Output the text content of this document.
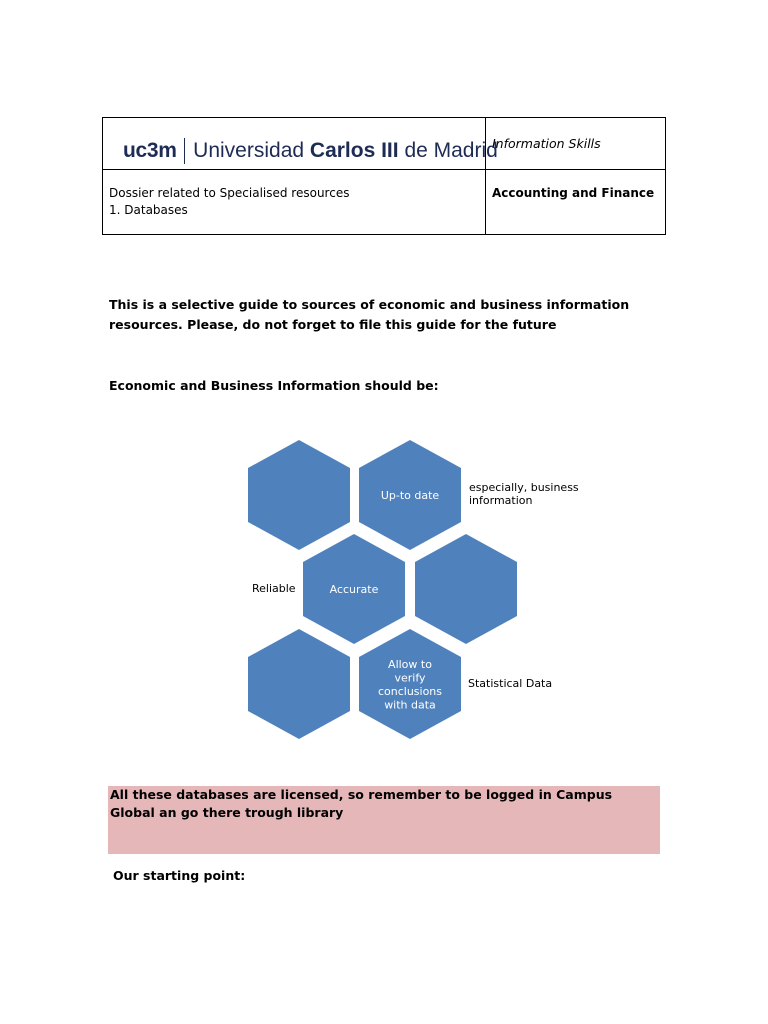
uc3m Universidad Carlos III de Madrid	Information Skills

Dossier related to Specialised resources
1. Databases	Accounting and Finance
This is a selective guide to sources of economic and business information resources. Please, do not forget to file this guide for the future
Economic and Business Information should be:
Up-to date
Accurate
Allow to
verify
conclusions
with data
especially, business
information
Reliable
Statistical Data
All these databases are licensed, so remember to be logged in Campus Global an go there trough library
Our starting point:
